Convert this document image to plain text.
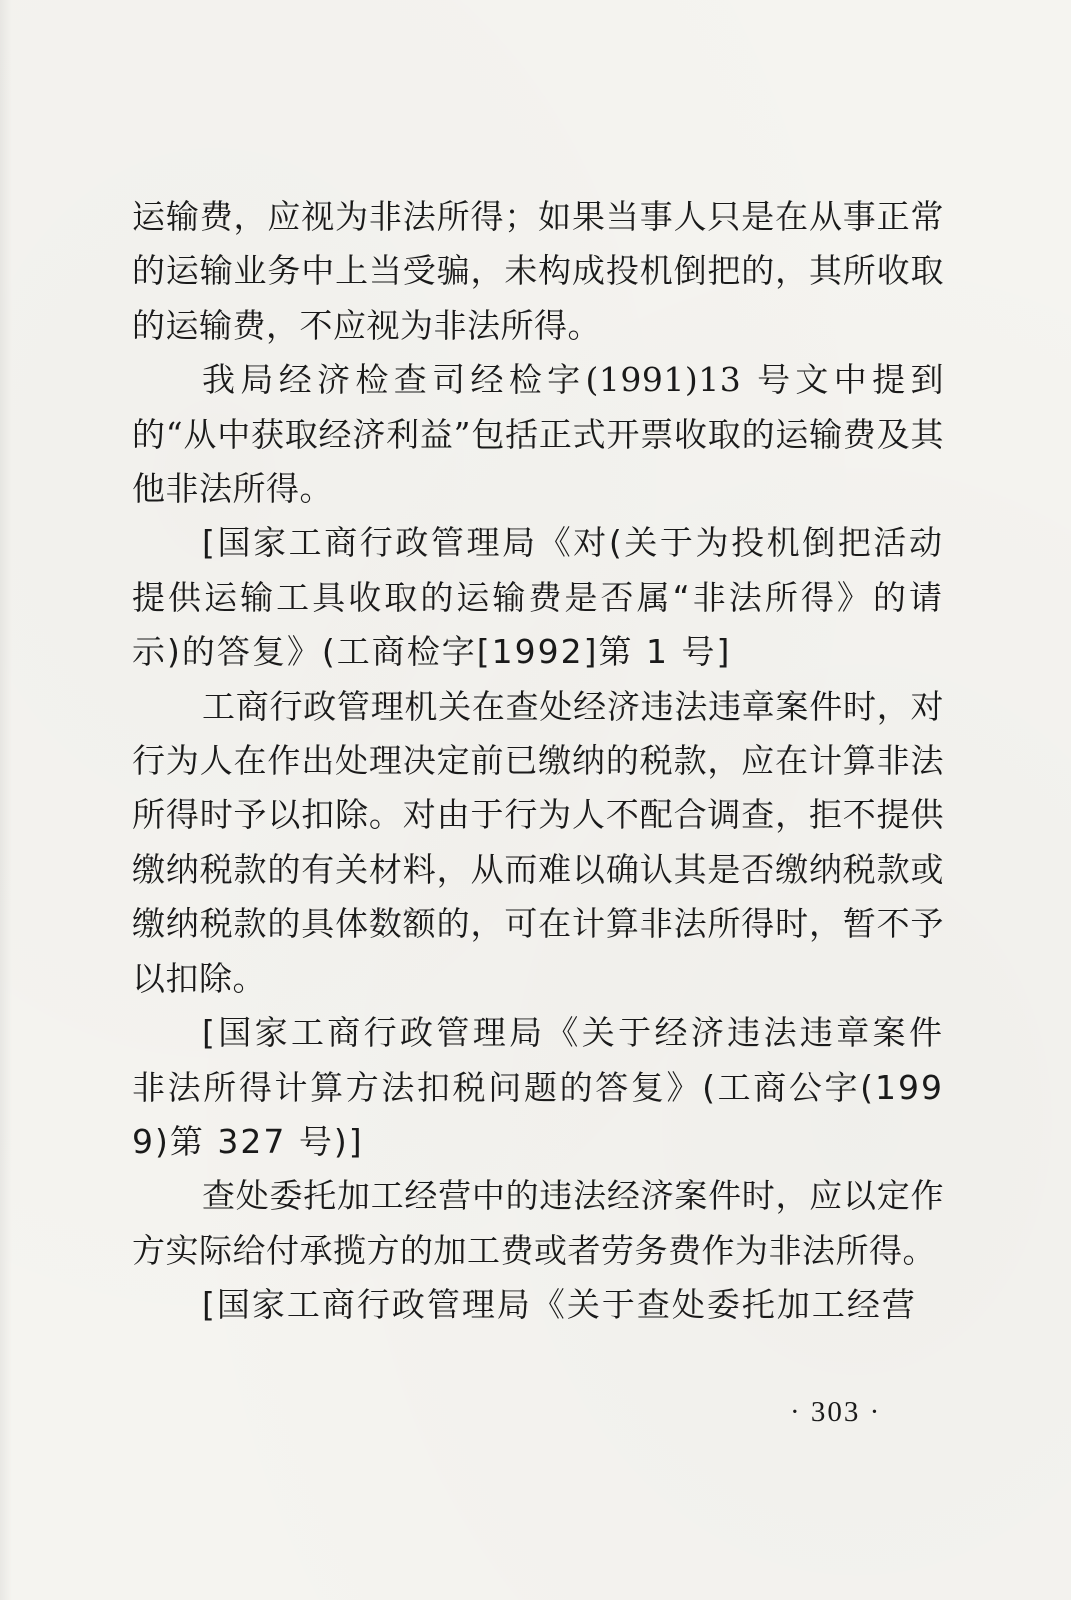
运输费，应视为非法所得；如果当事人只是在从事正常的运输业务中上当受骗，未构成投机倒把的，其所收取的运输费，不应视为非法所得。

我局经济检查司经检字(1991)13 号文中提到的“从中获取经济利益”包括正式开票收取的运输费及其他非法所得。

[国家工商行政管理局《对(关于为投机倒把活动提供运输工具收取的运输费是否属“非法所得》的请示)的答复》(工商检字[1992]第 1 号]

工商行政管理机关在查处经济违法违章案件时，对行为人在作出处理决定前已缴纳的税款，应在计算非法所得时予以扣除。对由于行为人不配合调查，拒不提供缴纳税款的有关材料，从而难以确认其是否缴纳税款或缴纳税款的具体数额的，可在计算非法所得时，暂不予以扣除。

[国家工商行政管理局《关于经济违法违章案件非法所得计算方法扣税问题的答复》(工商公字(1999)第 327 号)]

查处委托加工经营中的违法经济案件时，应以定作方实际给付承揽方的加工费或者劳务费作为非法所得。

[国家工商行政管理局《关于查处委托加工经营

· 303 ·
